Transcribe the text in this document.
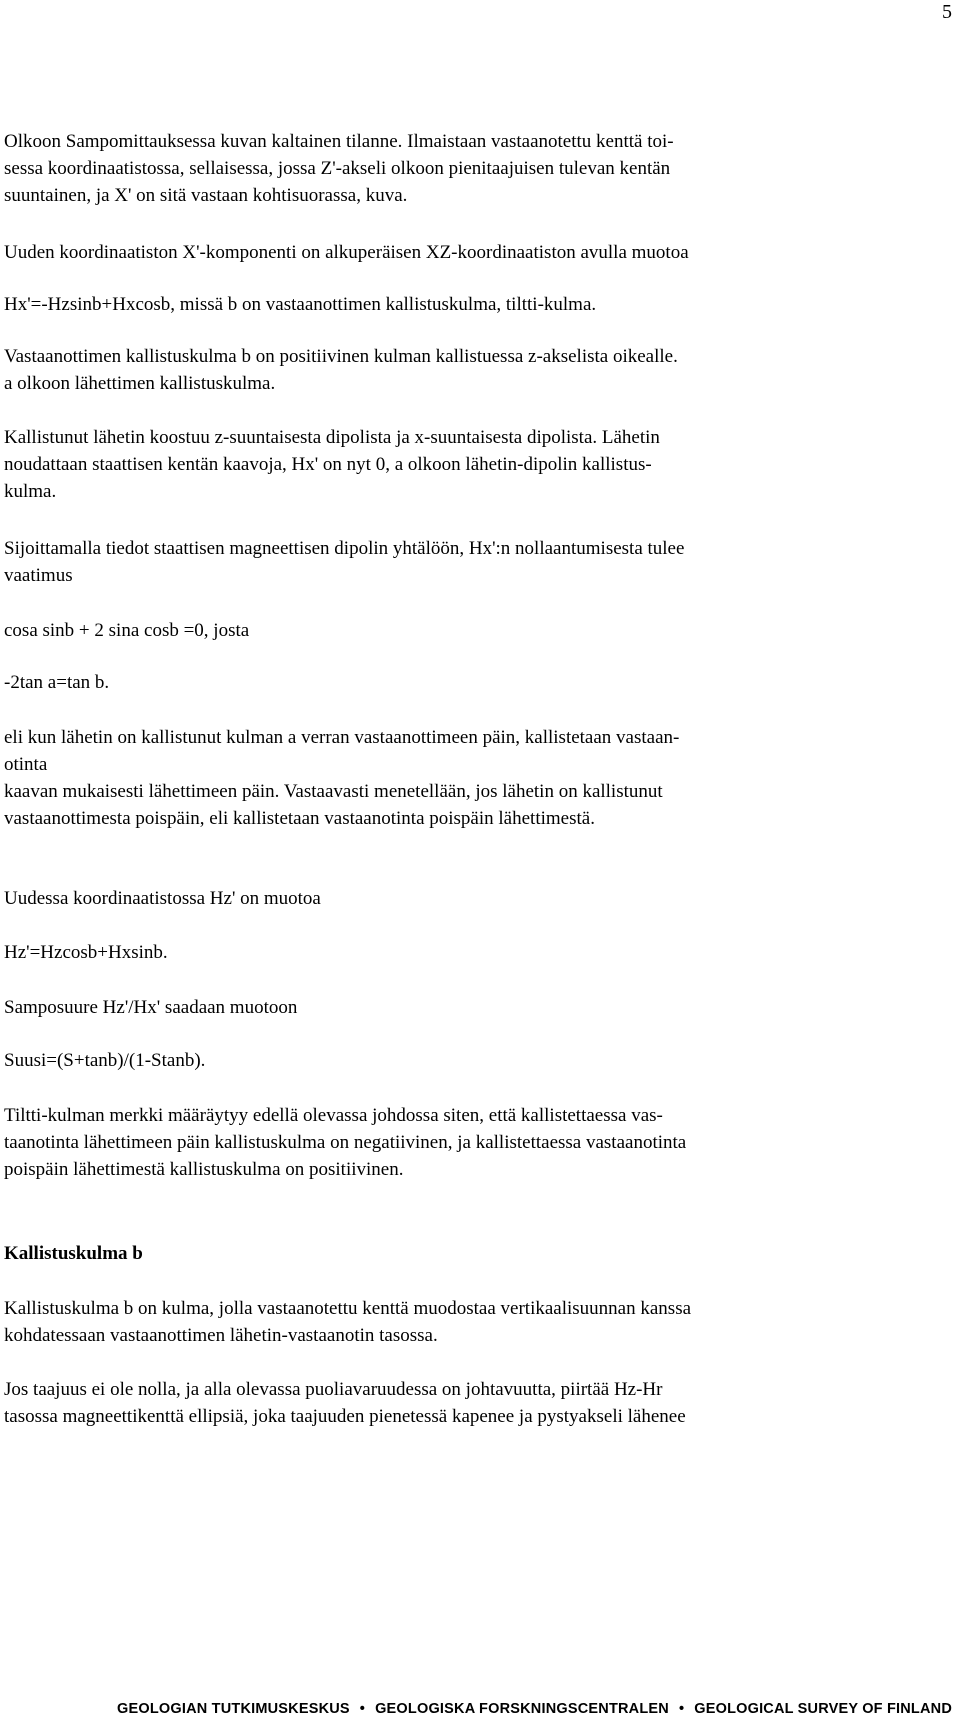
5
Olkoon Sampomittauksessa kuvan kaltainen tilanne. Ilmaistaan vastaanotettu kenttä toi-
sessa koordinaatistossa, sellaisessa, jossa Z'-akseli olkoon pienitaajuisen tulevan kentän
suuntainen, ja X' on sitä vastaan kohtisuorassa, kuva.
Uuden koordinaatiston X'-komponenti on alkuperäisen XZ-koordinaatiston avulla muotoa
Hx'=-Hzsinb+Hxcosb, missä b on vastaanottimen kallistuskulma, tiltti-kulma.
Vastaanottimen kallistuskulma b on positiivinen kulman kallistuessa z-akselista oikealle.
a olkoon lähettimen kallistuskulma.
Kallistunut lähetin koostuu z-suuntaisesta dipolista ja x-suuntaisesta dipolista. Lähetin
noudattaan staattisen kentän kaavoja, Hx' on nyt 0, a olkoon lähetin-dipolin kallistus-
kulma.
Sijoittamalla tiedot staattisen magneettisen dipolin yhtälöön, Hx':n nollaantumisesta tulee
vaatimus
cosa sinb + 2 sina cosb =0, josta
-2tan a=tan b.
eli kun lähetin on kallistunut kulman a verran vastaanottimeen päin, kallistetaan vastaan-
otinta
kaavan mukaisesti lähettimeen päin. Vastaavasti menetellään, jos lähetin on kallistunut
vastaanottimesta poispäin, eli kallistetaan vastaanotinta poispäin lähettimestä.
Uudessa koordinaatistossa Hz' on muotoa
Hz'=Hzcosb+Hxsinb.
Samposuure Hz'/Hx' saadaan muotoon
Suusi=(S+tanb)/(1-Stanb).
Tiltti-kulman merkki määräytyy edellä olevassa johdossa siten, että kallistettaessa vas-
taanotinta lähettimeen päin kallistuskulma on negatiivinen, ja kallistettaessa vastaanotinta
poispäin lähettimestä kallistuskulma on positiivinen.
Kallistuskulma b
Kallistuskulma b on kulma, jolla vastaanotettu kenttä muodostaa vertikaalisuunnan kanssa
kohdatessaan vastaanottimen lähetin-vastaanotin tasossa.
Jos taajuus ei ole nolla, ja alla olevassa puoliavaruudessa on johtavuutta, piirtää Hz-Hr
tasossa magneettikenttä ellipsiä, joka taajuuden pienetessä kapenee ja pystyakseli lähenee
GEOLOGIAN TUTKIMUSKESKUS • GEOLOGISKA FORSKNINGSCENTRALEN • GEOLOGICAL SURVEY OF FINLAND
